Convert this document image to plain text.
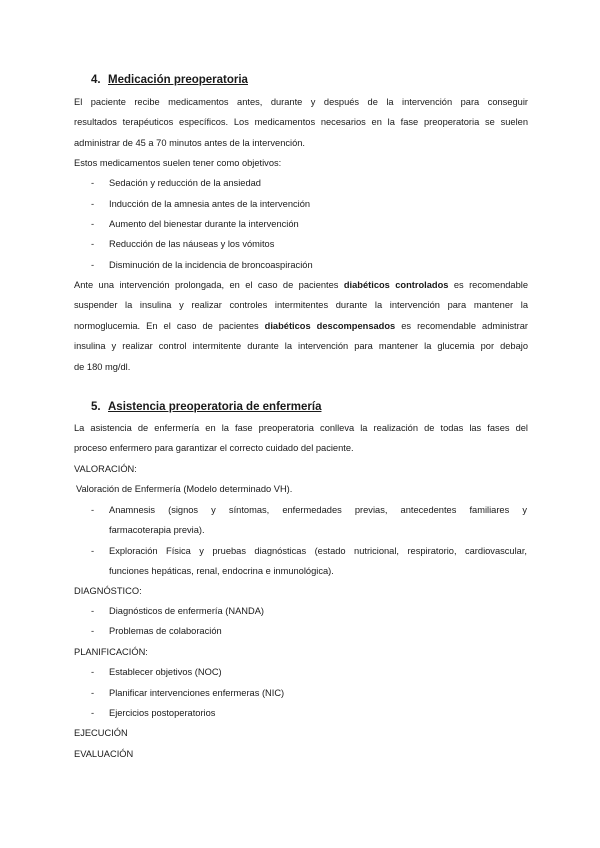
4. Medicación preoperatoria
El paciente recibe medicamentos antes, durante y después de la intervención para conseguir
resultados terapéuticos específicos. Los medicamentos necesarios en la fase preoperatoria se suelen
administrar de 45 a 70 minutos antes de la intervención.
Estos medicamentos suelen tener como objetivos:
- Sedación y reducción de la ansiedad
- Inducción de la amnesia antes de la intervención
- Aumento del bienestar durante la intervención
- Reducción de las náuseas y los vómitos
- Disminución de la incidencia de broncoaspiración
Ante una intervención prolongada, en el caso de pacientes diabéticos controlados es recomendable
suspender la insulina y realizar controles intermitentes durante la intervención para mantener la
normoglucemia. En el caso de pacientes diabéticos descompensados es recomendable administrar
insulina y realizar control intermitente durante la intervención para mantener la glucemia por debajo
de 180 mg/dl.
5. Asistencia preoperatoria de enfermería
La asistencia de enfermería en la fase preoperatoria conlleva la realización de todas las fases del
proceso enfermero para garantizar el correcto cuidado del paciente.
VALORACIÓN:
Valoración de Enfermería (Modelo determinado VH).
- Anamnesis (signos y síntomas, enfermedades previas, antecedentes familiares y
farmacoterapia previa).
- Exploración Física y pruebas diagnósticas (estado nutricional, respiratorio, cardiovascular,
funciones hepáticas, renal, endocrina e inmunológica).
DIAGNÓSTICO:
- Diagnósticos de enfermería (NANDA)
- Problemas de colaboración
PLANIFICACIÓN:
- Establecer objetivos (NOC)
- Planificar intervenciones enfermeras (NIC)
- Ejercicios postoperatorios
EJECUCIÓN
EVALUACIÓN
